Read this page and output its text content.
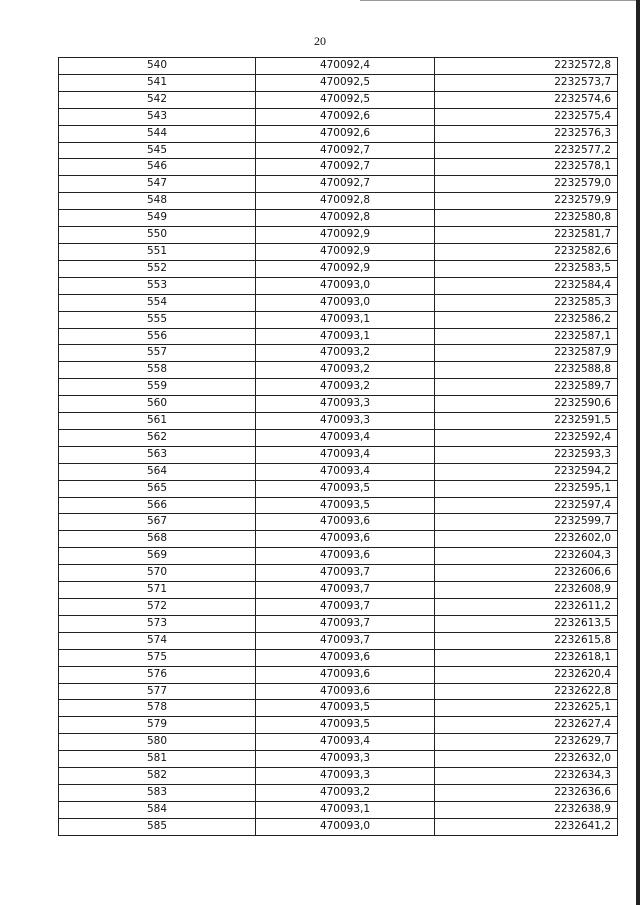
20
540	470092,4	2232572,8
541	470092,5	2232573,7
542	470092,5	2232574,6
543	470092,6	2232575,4
544	470092,6	2232576,3
545	470092,7	2232577,2
546	470092,7	2232578,1
547	470092,7	2232579,0
548	470092,8	2232579,9
549	470092,8	2232580,8
550	470092,9	2232581,7
551	470092,9	2232582,6
552	470092,9	2232583,5
553	470093,0	2232584,4
554	470093,0	2232585,3
555	470093,1	2232586,2
556	470093,1	2232587,1
557	470093,2	2232587,9
558	470093,2	2232588,8
559	470093,2	2232589,7
560	470093,3	2232590,6
561	470093,3	2232591,5
562	470093,4	2232592,4
563	470093,4	2232593,3
564	470093,4	2232594,2
565	470093,5	2232595,1
566	470093,5	2232597,4
567	470093,6	2232599,7
568	470093,6	2232602,0
569	470093,6	2232604,3
570	470093,7	2232606,6
571	470093,7	2232608,9
572	470093,7	2232611,2
573	470093,7	2232613,5
574	470093,7	2232615,8
575	470093,6	2232618,1
576	470093,6	2232620,4
577	470093,6	2232622,8
578	470093,5	2232625,1
579	470093,5	2232627,4
580	470093,4	2232629,7
581	470093,3	2232632,0
582	470093,3	2232634,3
583	470093,2	2232636,6
584	470093,1	2232638,9
585	470093,0	2232641,2
